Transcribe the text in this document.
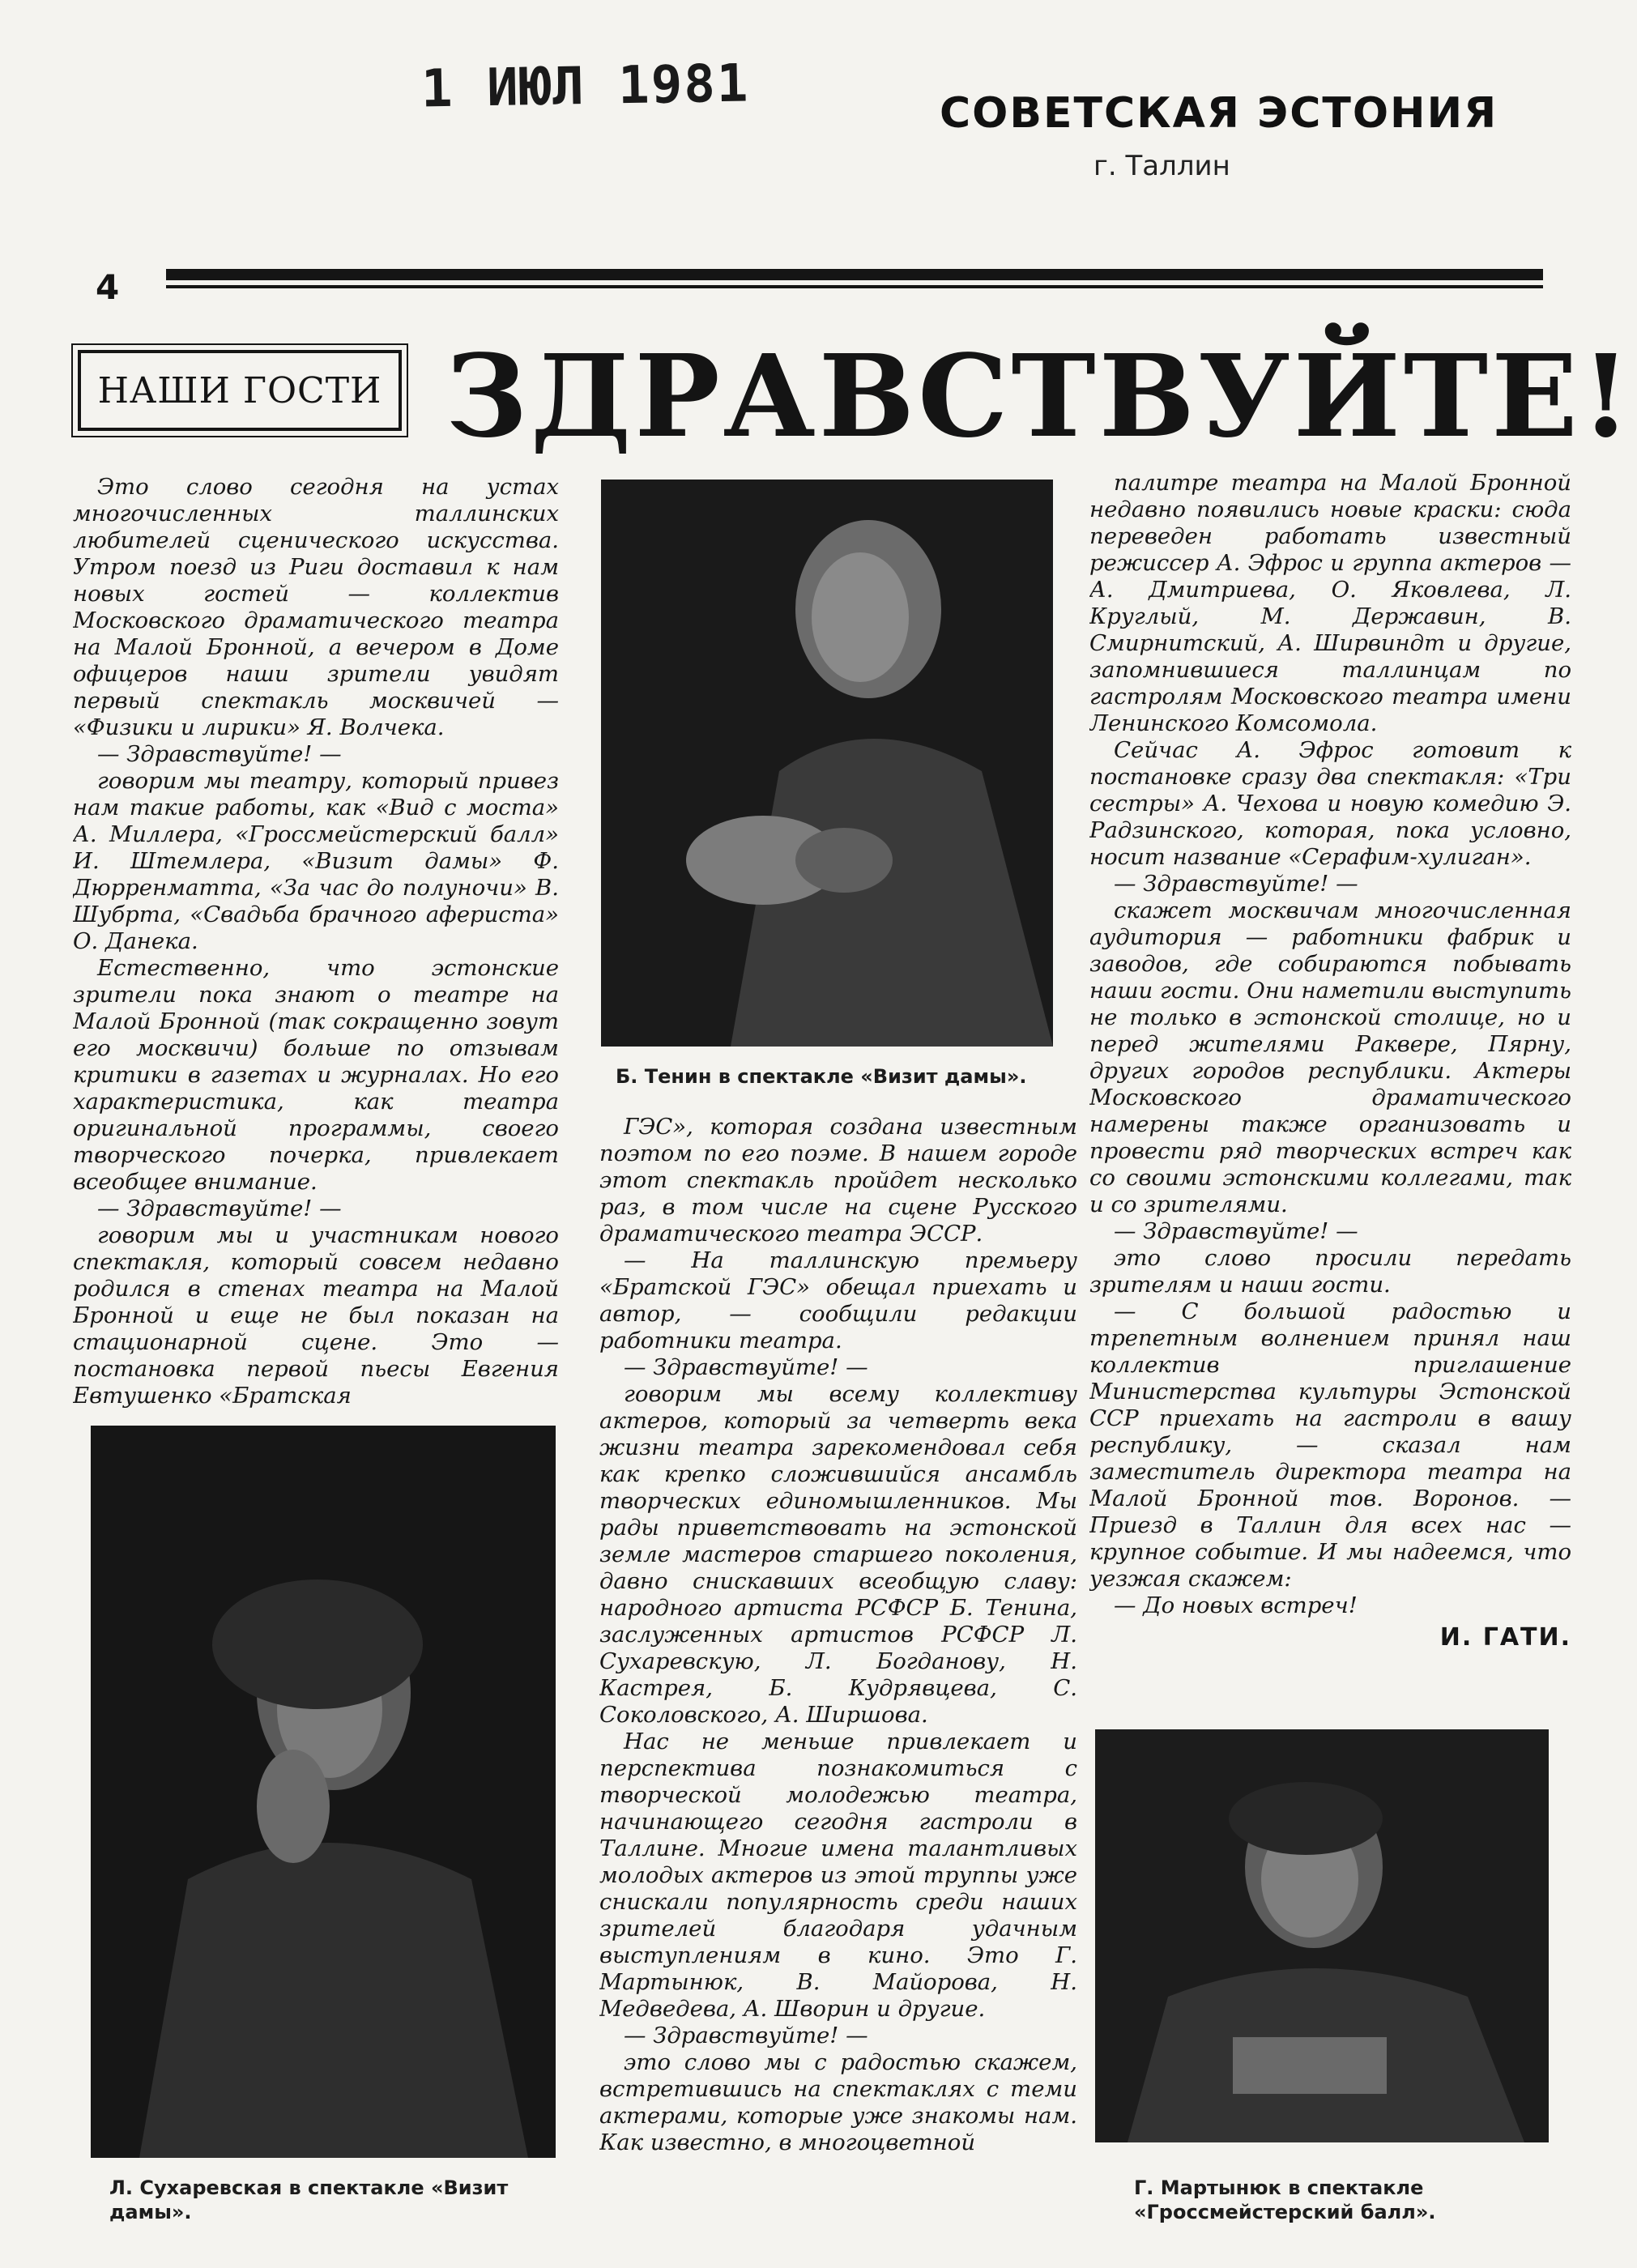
1 ИЮЛ 1981	СОВЕТСКАЯ ЭСТОНИЯ
г. Таллин
4
НАШИ ГОСТИ ЗДРАВСТВУЙТЕ!

Это слово сегодня на устах многочисленных таллинских любителей сценического искусства. Утром поезд из Риги доставил к нам новых гостей — коллектив Московского драматического театра на Малой Бронной, а вечером в Доме офицеров наши зрители увидят первый спектакль москвичей — «Физики и лирики» Я. Волчека.

— Здравствуйте! —

говорим мы театру, который привез нам такие работы, как «Вид с моста» А. Миллера, «Гроссмейстерский балл» И. Штемлера, «Визит дамы» Ф. Дюрренматта, «За час до полуночи» В. Шубрта, «Свадьба брачного афериста» О. Данека.

Естественно, что эстонские зрители пока знают о театре на Малой Бронной (так сокращенно зовут его москвичи) больше по отзывам критики в газетах и журналах. Но его характеристика, как театра оригинальной программы, своего творческого почерка, привлекает всеобщее внимание.

— Здравствуйте! —

говорим мы и участникам нового спектакля, который совсем недавно родился в стенах театра на Малой Бронной и еще не был показан на стационарной сцене. Это — постановка первой пьесы Евгения Евтушенко «Братская

Б. Тенин в спектакле «Визит дамы».
Л. Сухаревская в спектакле «Визит дамы».

ГЭС», которая создана известным поэтом по его поэме. В нашем городе этот спектакль пройдет несколько раз, в том числе на сцене Русского драматического театра ЭССР.

— На таллинскую премьеру «Братской ГЭС» обещал приехать и автор, — сообщили редакции работники театра.

— Здравствуйте! —

говорим мы всему коллективу актеров, который за четверть века жизни театра зарекомендовал себя как крепко сложившийся ансамбль творческих единомышленников. Мы рады приветствовать на эстонской земле мастеров старшего поколения, давно снискавших всеобщую славу: народного артиста РСФСР Б. Тенина, заслуженных артистов РСФСР Л. Сухаревскую, Л. Богданову, Н. Кастрея, Б. Кудрявцева, С. Соколовского, А. Ширшова.

Нас не меньше привлекает и перспектива познакомиться с творческой молодежью театра, начинающего сегодня гастроли в Таллине. Многие имена талантливых молодых актеров из этой труппы уже снискали популярность среди наших зрителей благодаря удачным выступлениям в кино. Это Г. Мартынюк, В. Майорова, Н. Медведева, А. Шворин и другие.

— Здравствуйте! —

это слово мы с радостью скажем, встретившись на спектаклях с теми актерами, которые уже знакомы нам. Как известно, в многоцветной

палитре театра на Малой Бронной недавно появились новые краски: сюда переведен работать известный режиссер А. Эфрос и группа актеров — А. Дмитриева, О. Яковлева, Л. Круглый, М. Державин, В. Смирнитский, А. Ширвиндт и другие, запомнившиеся таллинцам по гастролям Московского театра имени Ленинского Комсомола.

Сейчас А. Эфрос готовит к постановке сразу два спектакля: «Три сестры» А. Чехова и новую комедию Э. Радзинского, которая, пока условно, носит название «Серафим-хулиган».

— Здравствуйте! —

скажет москвичам многочисленная аудитория — работники фабрик и заводов, где собираются побывать наши гости. Они наметили выступить не только в эстонской столице, но и перед жителями Раквере, Пярну, других городов республики. Актеры Московского драматического намерены также организовать и провести ряд творческих встреч как со своими эстонскими коллегами, так и со зрителями.

— Здравствуйте! —

это слово просили передать зрителям и наши гости.

— С большой радостью и трепетным волнением принял наш коллектив приглашение Министерства культуры Эстонской ССР приехать на гастроли в вашу республику, — сказал нам заместитель директора театра на Малой Бронной тов. Воронов. — Приезд в Таллин для всех нас — крупное событие. И мы надеемся, что уезжая скажем:

— До новых встреч!

И. ГАТИ.
Г. Мартынюк в спектакле «Гроссмейстерский балл».
